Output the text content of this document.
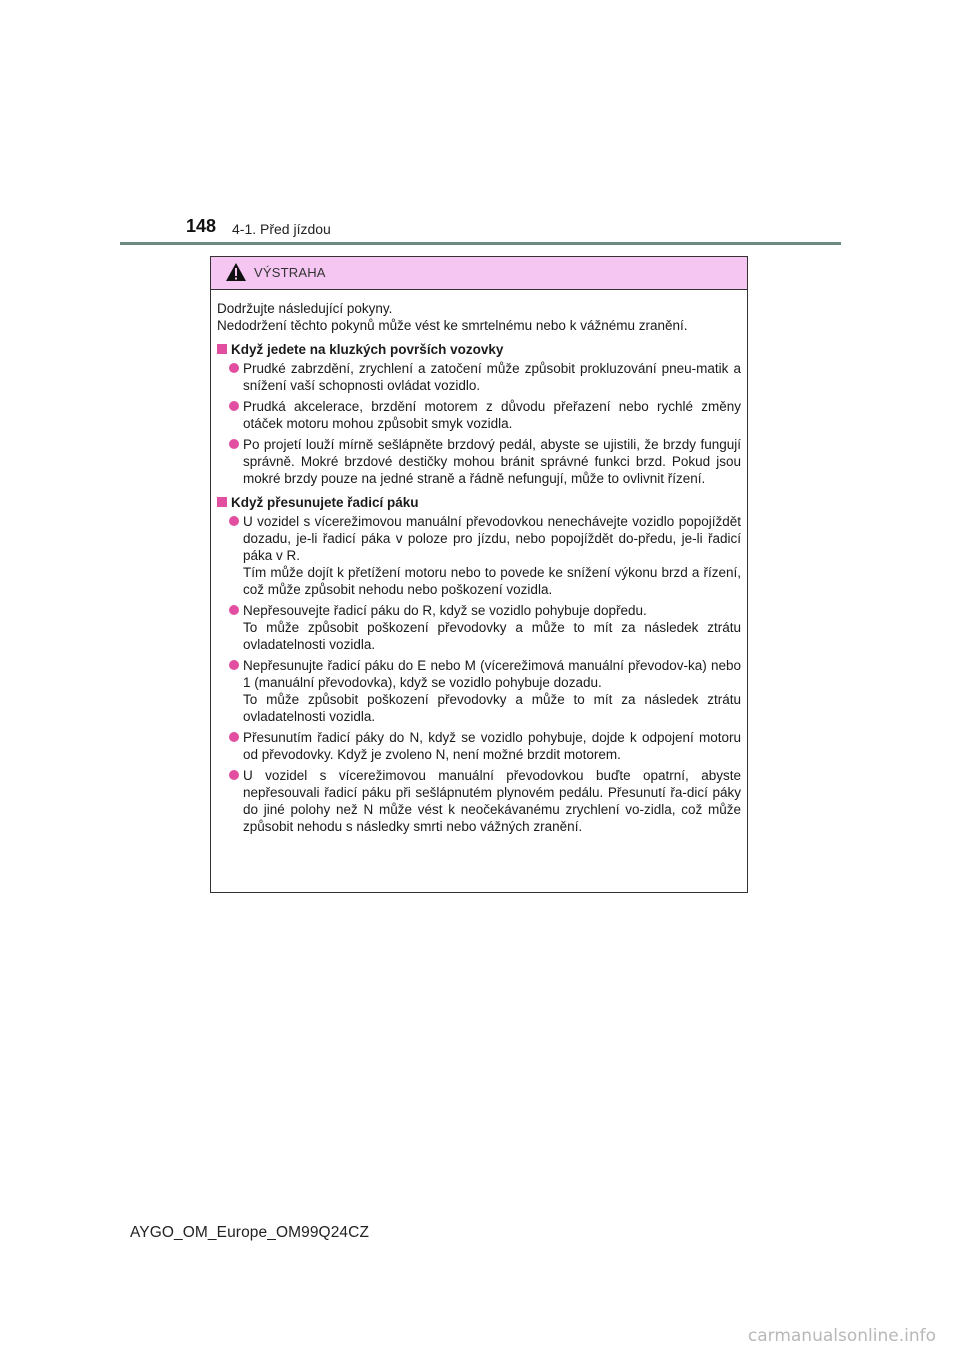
148 4-1. Před jízdou
VÝSTRAHA

Dodržujte následující pokyny.

Nedodržení těchto pokynů může vést ke smrtelnému nebo k vážnému zranění.

Když jedete na kluzkých površích vozovky
Prudké zabrzdění, zrychlení a zatočení může způsobit prokluzování pneu-matik a snížení vaší schopnosti ovládat vozidlo.
Prudká akcelerace, brzdění motorem z důvodu přeřazení nebo rychlé změny otáček motoru mohou způsobit smyk vozidla.
Po projetí louží mírně sešlápněte brzdový pedál, abyste se ujistili, že brzdy fungují správně. Mokré brzdové destičky mohou bránit správné funkci brzd. Pokud jsou mokré brzdy pouze na jedné straně a řádně nefungují, může to ovlivnit řízení.
Když přesunujete řadicí páku
U vozidel s vícerežimovou manuální převodovkou nenechávejte vozidlo popojíždět dozadu, je-li řadicí páka v poloze pro jízdu, nebo popojíždět do-předu, je-li řadicí páka v R.
Tím může dojít k přetížení motoru nebo to povede ke snížení výkonu brzd a řízení, což může způsobit nehodu nebo poškození vozidla.
Nepřesouvejte řadicí páku do R, když se vozidlo pohybuje dopředu.
To může způsobit poškození převodovky a může to mít za následek ztrátu ovladatelnosti vozidla.
Nepřesunujte řadicí páku do E nebo M (vícerežimová manuální převodov-ka) nebo 1 (manuální převodovka), když se vozidlo pohybuje dozadu.
To může způsobit poškození převodovky a může to mít za následek ztrátu ovladatelnosti vozidla.
Přesunutím řadicí páky do N, když se vozidlo pohybuje, dojde k odpojení motoru od převodovky. Když je zvoleno N, není možné brzdit motorem.
U vozidel s vícerežimovou manuální převodovkou buďte opatrní, abyste nepřesouvali řadicí páku při sešlápnutém plynovém pedálu. Přesunutí řa-dicí páky do jiné polohy než N může vést k neočekávanému zrychlení vo-zidla, což může způsobit nehodu s následky smrti nebo vážných zranění.
AYGO_OM_Europe_OM99Q24CZ
carmanualsonline.info
